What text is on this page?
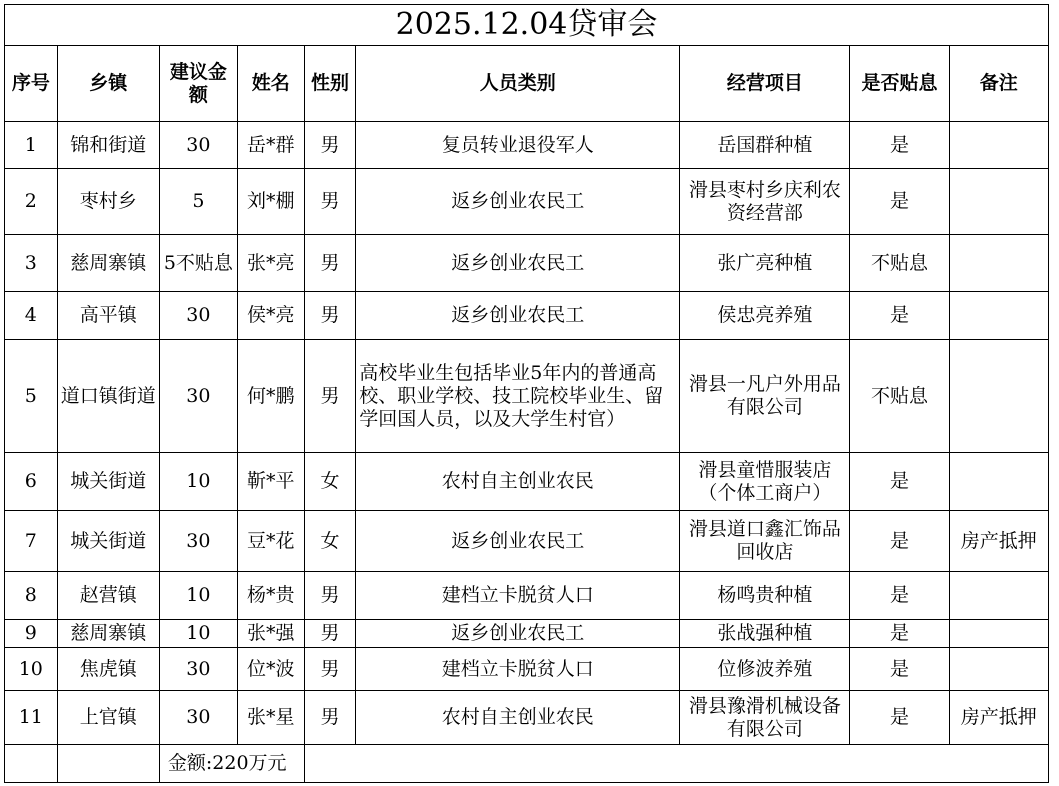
2025.12.04贷审会								
序号	乡镇	建议金额	姓名	性别	人员类别	经营项目	是否贴息	备注
1	锦和街道	30	岳*群	男	复员转业退役军人	岳国群种植	是	
2	枣村乡	5	刘*棚	男	返乡创业农民工	滑县枣村乡庆利农资经营部	是	
3	慈周寨镇	5不贴息	张*亮	男	返乡创业农民工	张广亮种植	不贴息	
4	高平镇	30	侯*亮	男	返乡创业农民工	侯忠亮养殖	是	
5	道口镇街道	30	何*鹏	男	高校毕业生包括毕业5年内的普通高校、职业学校、技工院校毕业生、留学回国人员，以及大学生村官）	滑县一凡户外用品有限公司	不贴息	
6	城关街道	10	靳*平	女	农村自主创业农民	滑县童惜服装店（个体工商户）	是	
7	城关街道	30	豆*花	女	返乡创业农民工	滑县道口鑫汇饰品回收店	是	房产抵押
8	赵营镇	10	杨*贵	男	建档立卡脱贫人口	杨鸣贵种植	是	
9	慈周寨镇	10	张*强	男	返乡创业农民工	张战强种植	是	
10	焦虎镇	30	位*波	男	建档立卡脱贫人口	位修波养殖	是	
11	上官镇	30	张*星	男	农村自主创业农民	滑县豫滑机械设备有限公司	是	房产抵押
		金额:220万元						
